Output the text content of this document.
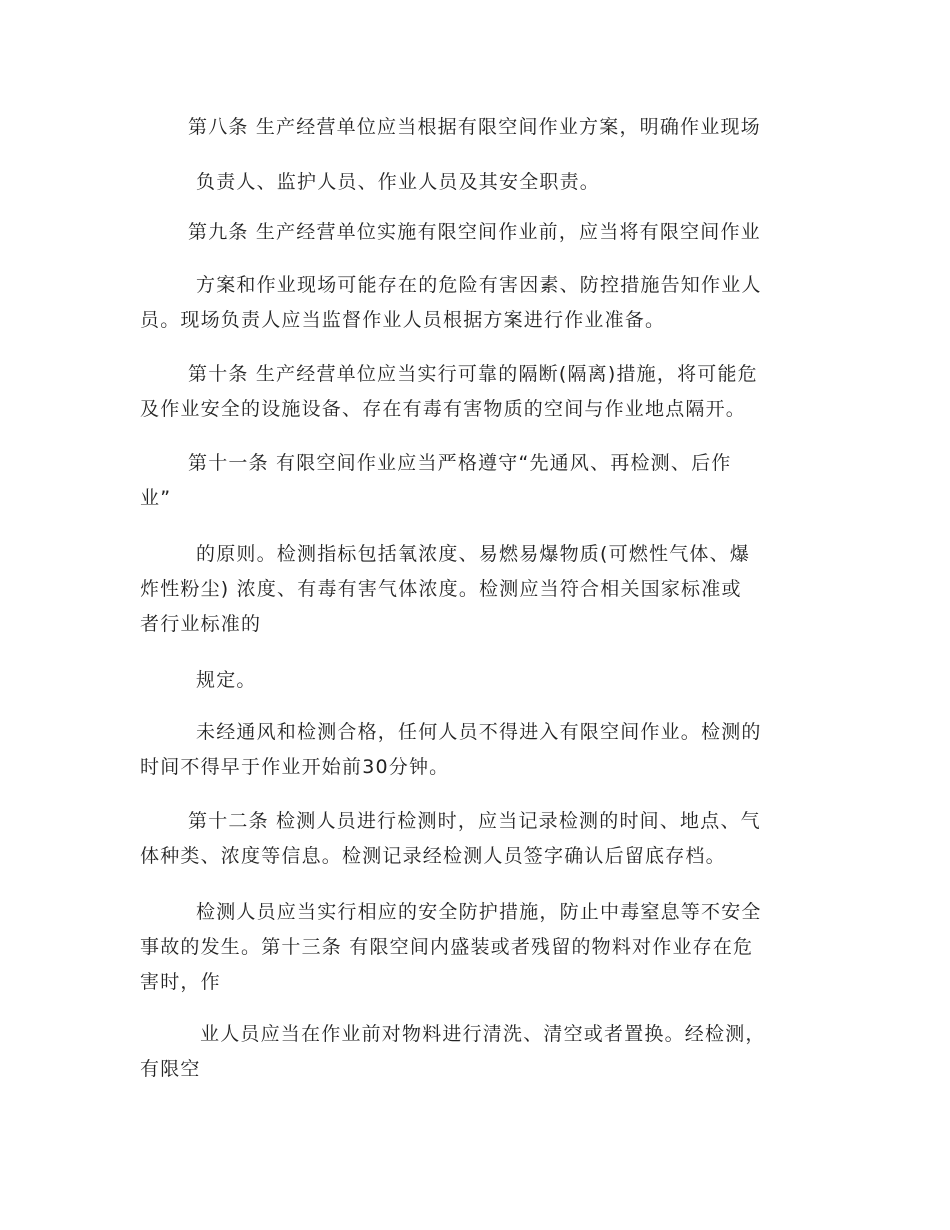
第八条 生产经营单位应当根据有限空间作业方案，明确作业现场

负责人、监护人员、作业人员及其安全职责。

第九条 生产经营单位实施有限空间作业前，应当将有限空间作业

方案和作业现场可能存在的危险有害因素、防控措施告知作业人
员。现场负责人应当监督作业人员根据方案进行作业准备。

第十条 生产经营单位应当实行可靠的隔断(隔离)措施，将可能危
及作业安全的设施设备、存在有毒有害物质的空间与作业地点隔开。

第十一条 有限空间作业应当严格遵守“先通风、再检测、后作
业”

的原则。检测指标包括氧浓度、易燃易爆物质(可燃性气体、爆
炸性粉尘) 浓度、有毒有害气体浓度。检测应当符合相关国家标准或
者行业标准的

规定。

未经通风和检测合格，任何人员不得进入有限空间作业。检测的
时间不得早于作业开始前30分钟。

第十二条 检测人员进行检测时，应当记录检测的时间、地点、气
体种类、浓度等信息。检测记录经检测人员签字确认后留底存档。

检测人员应当实行相应的安全防护措施，防止中毒窒息等不安全
事故的发生。第十三条 有限空间内盛装或者残留的物料对作业存在危
害时，作

业人员应当在作业前对物料进行清洗、清空或者置换。经检测，
有限空
